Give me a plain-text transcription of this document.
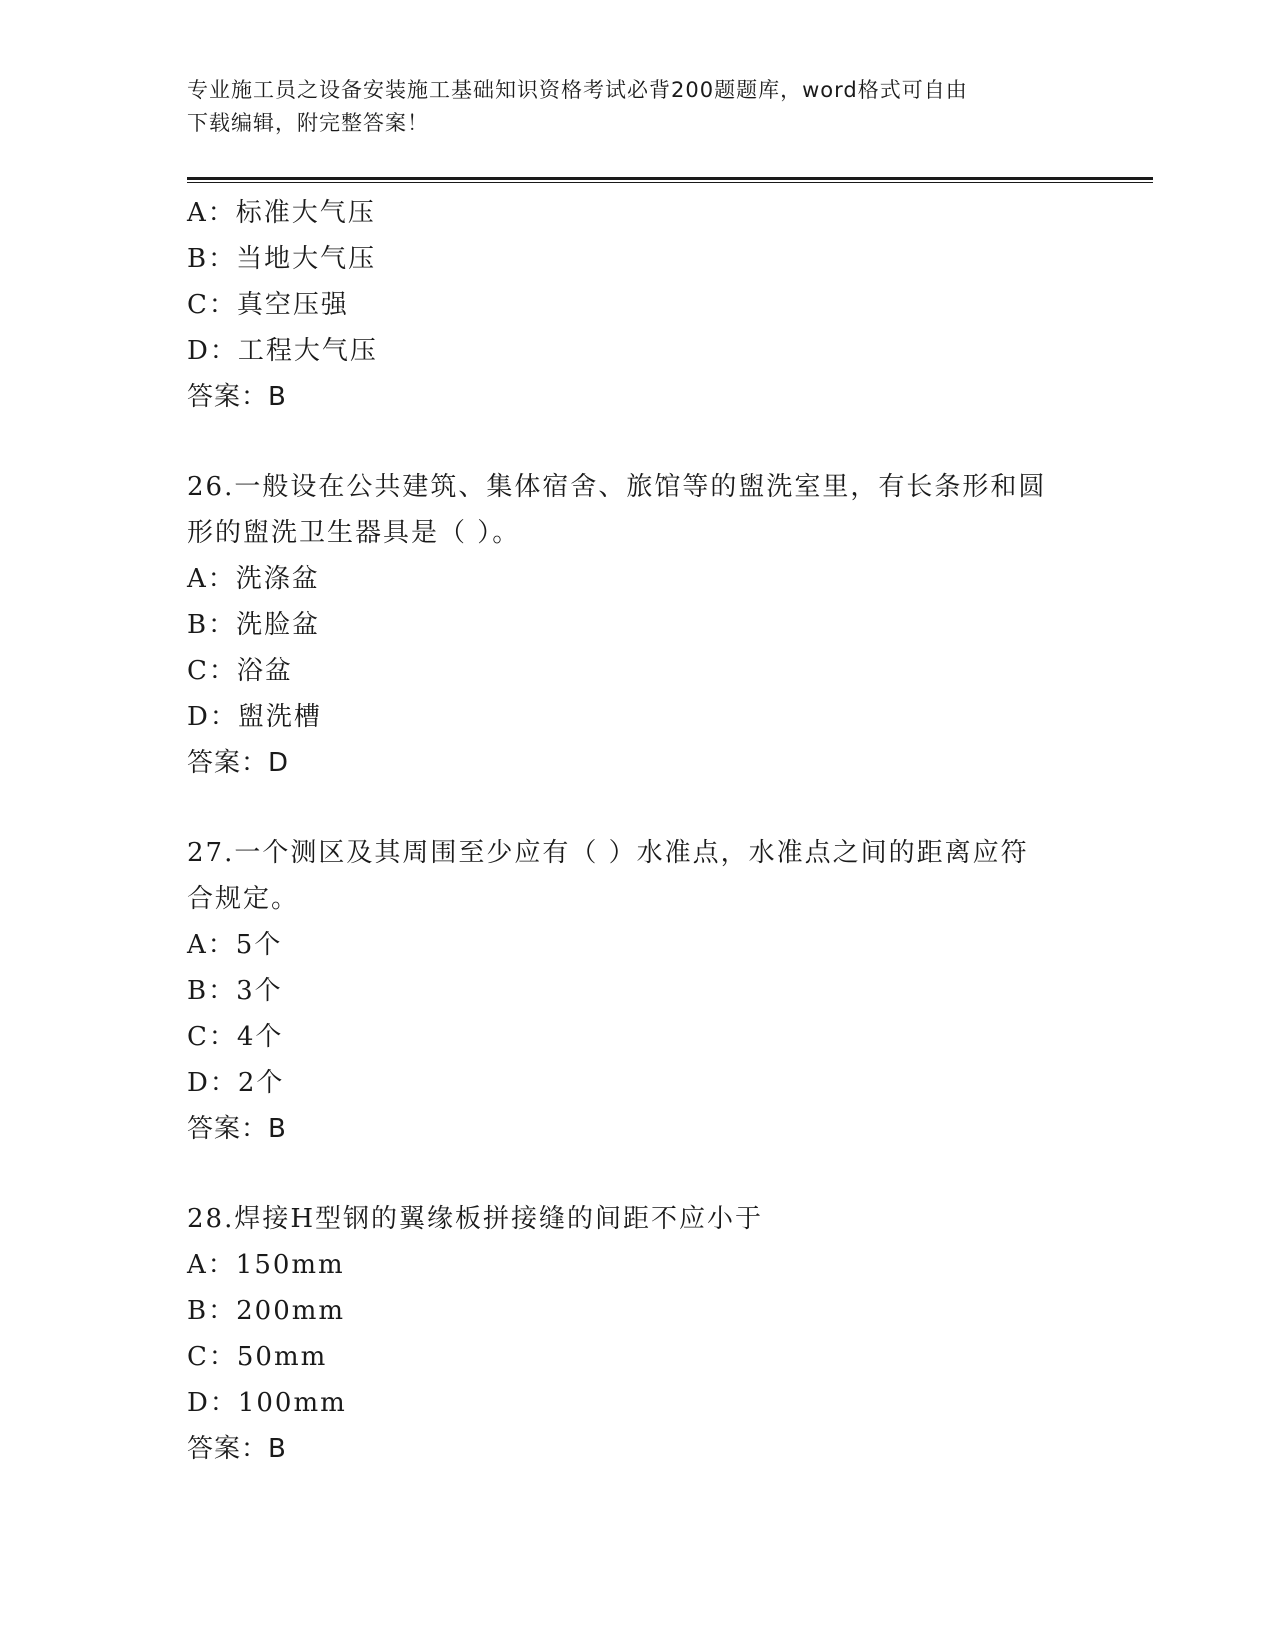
专业施工员之设备安装施工基础知识资格考试必背200题题库，word格式可自由
下载编辑，附完整答案！
A：标准大气压
B：当地大气压
C：真空压强
D：工程大气压
答案：B
26.一般设在公共建筑、集体宿舍、旅馆等的盥洗室里，有长条形和圆
形的盥洗卫生器具是（ ）。
A：洗涤盆
B：洗脸盆
C：浴盆
D：盥洗槽
答案：D
27.一个测区及其周围至少应有（ ）水准点，水准点之间的距离应符
合规定。
A：5个
B：3个
C：4个
D：2个
答案：B
28.焊接H型钢的翼缘板拼接缝的间距不应小于
A：150mm
B：200mm
C：50mm
D：100mm
答案：B
